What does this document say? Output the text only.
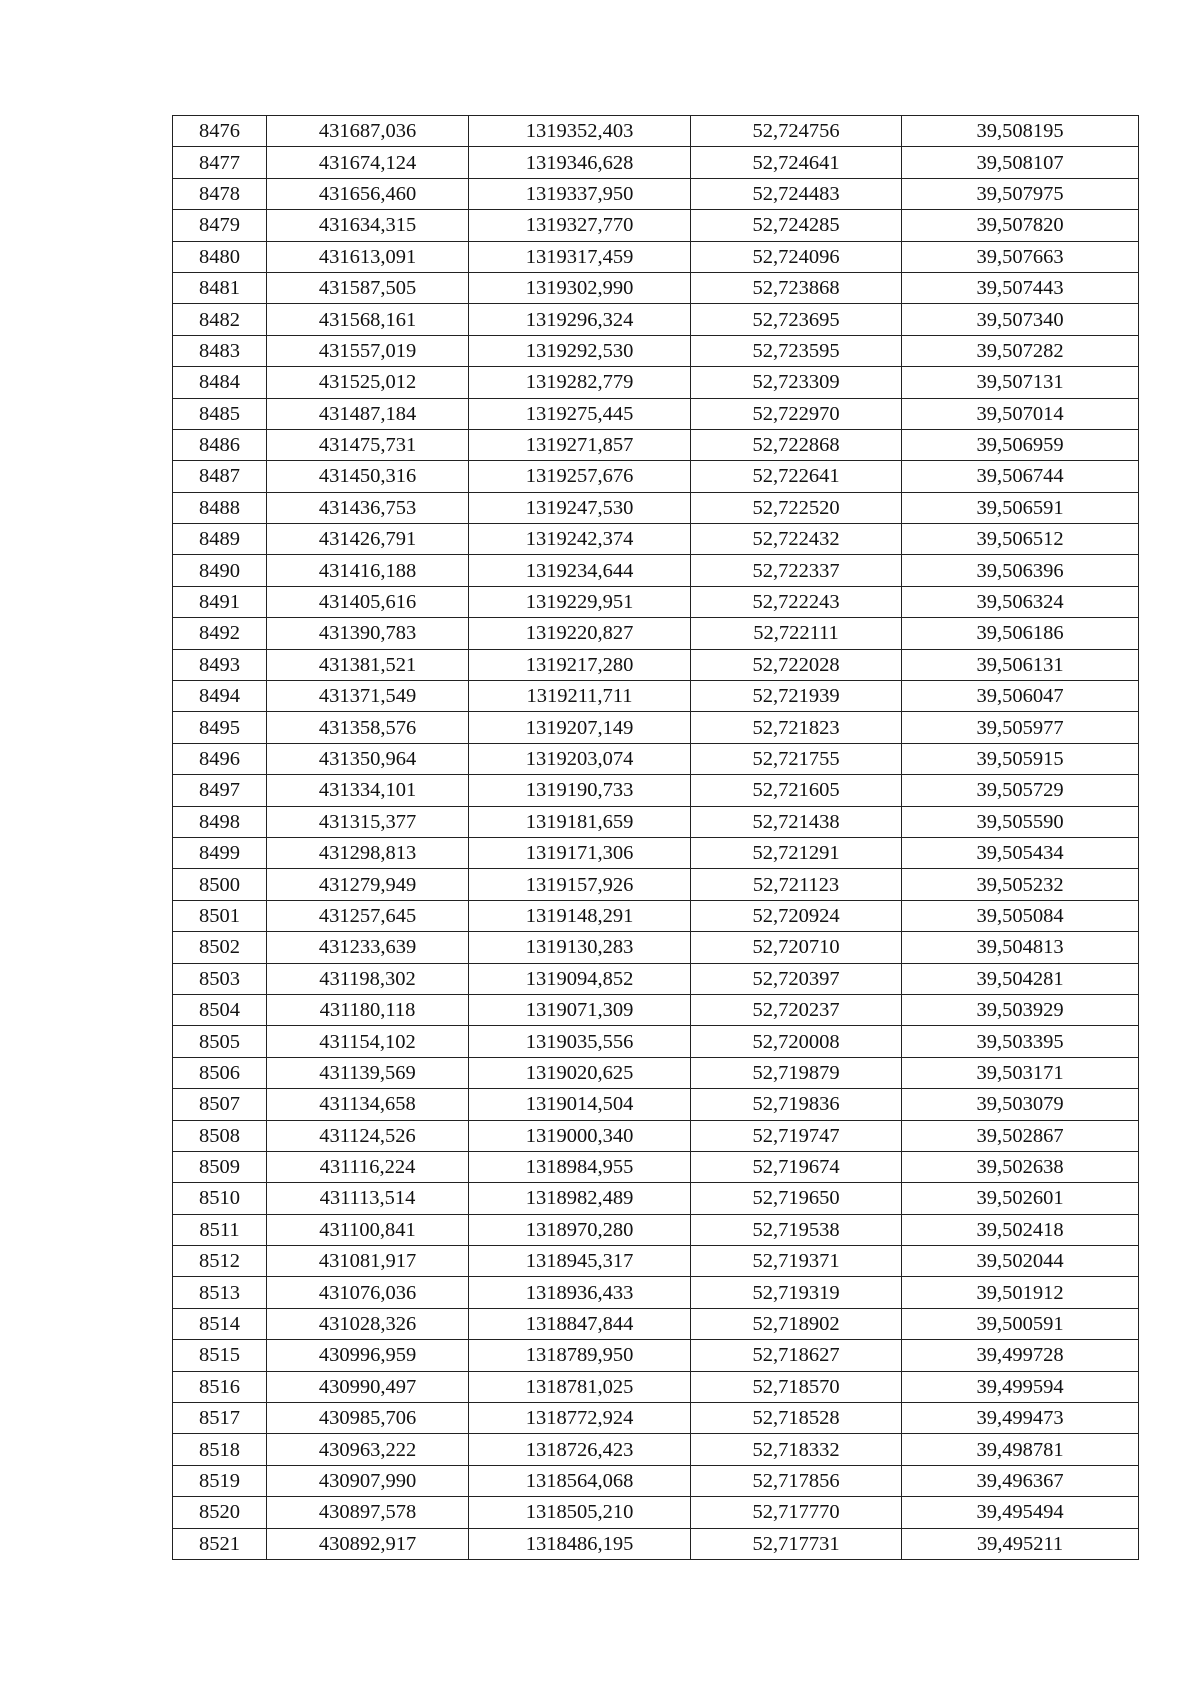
8476	431687,036	1319352,403	52,724756	39,508195
8477	431674,124	1319346,628	52,724641	39,508107
8478	431656,460	1319337,950	52,724483	39,507975
8479	431634,315	1319327,770	52,724285	39,507820
8480	431613,091	1319317,459	52,724096	39,507663
8481	431587,505	1319302,990	52,723868	39,507443
8482	431568,161	1319296,324	52,723695	39,507340
8483	431557,019	1319292,530	52,723595	39,507282
8484	431525,012	1319282,779	52,723309	39,507131
8485	431487,184	1319275,445	52,722970	39,507014
8486	431475,731	1319271,857	52,722868	39,506959
8487	431450,316	1319257,676	52,722641	39,506744
8488	431436,753	1319247,530	52,722520	39,506591
8489	431426,791	1319242,374	52,722432	39,506512
8490	431416,188	1319234,644	52,722337	39,506396
8491	431405,616	1319229,951	52,722243	39,506324
8492	431390,783	1319220,827	52,722111	39,506186
8493	431381,521	1319217,280	52,722028	39,506131
8494	431371,549	1319211,711	52,721939	39,506047
8495	431358,576	1319207,149	52,721823	39,505977
8496	431350,964	1319203,074	52,721755	39,505915
8497	431334,101	1319190,733	52,721605	39,505729
8498	431315,377	1319181,659	52,721438	39,505590
8499	431298,813	1319171,306	52,721291	39,505434
8500	431279,949	1319157,926	52,721123	39,505232
8501	431257,645	1319148,291	52,720924	39,505084
8502	431233,639	1319130,283	52,720710	39,504813
8503	431198,302	1319094,852	52,720397	39,504281
8504	431180,118	1319071,309	52,720237	39,503929
8505	431154,102	1319035,556	52,720008	39,503395
8506	431139,569	1319020,625	52,719879	39,503171
8507	431134,658	1319014,504	52,719836	39,503079
8508	431124,526	1319000,340	52,719747	39,502867
8509	431116,224	1318984,955	52,719674	39,502638
8510	431113,514	1318982,489	52,719650	39,502601
8511	431100,841	1318970,280	52,719538	39,502418
8512	431081,917	1318945,317	52,719371	39,502044
8513	431076,036	1318936,433	52,719319	39,501912
8514	431028,326	1318847,844	52,718902	39,500591
8515	430996,959	1318789,950	52,718627	39,499728
8516	430990,497	1318781,025	52,718570	39,499594
8517	430985,706	1318772,924	52,718528	39,499473
8518	430963,222	1318726,423	52,718332	39,498781
8519	430907,990	1318564,068	52,717856	39,496367
8520	430897,578	1318505,210	52,717770	39,495494
8521	430892,917	1318486,195	52,717731	39,495211
